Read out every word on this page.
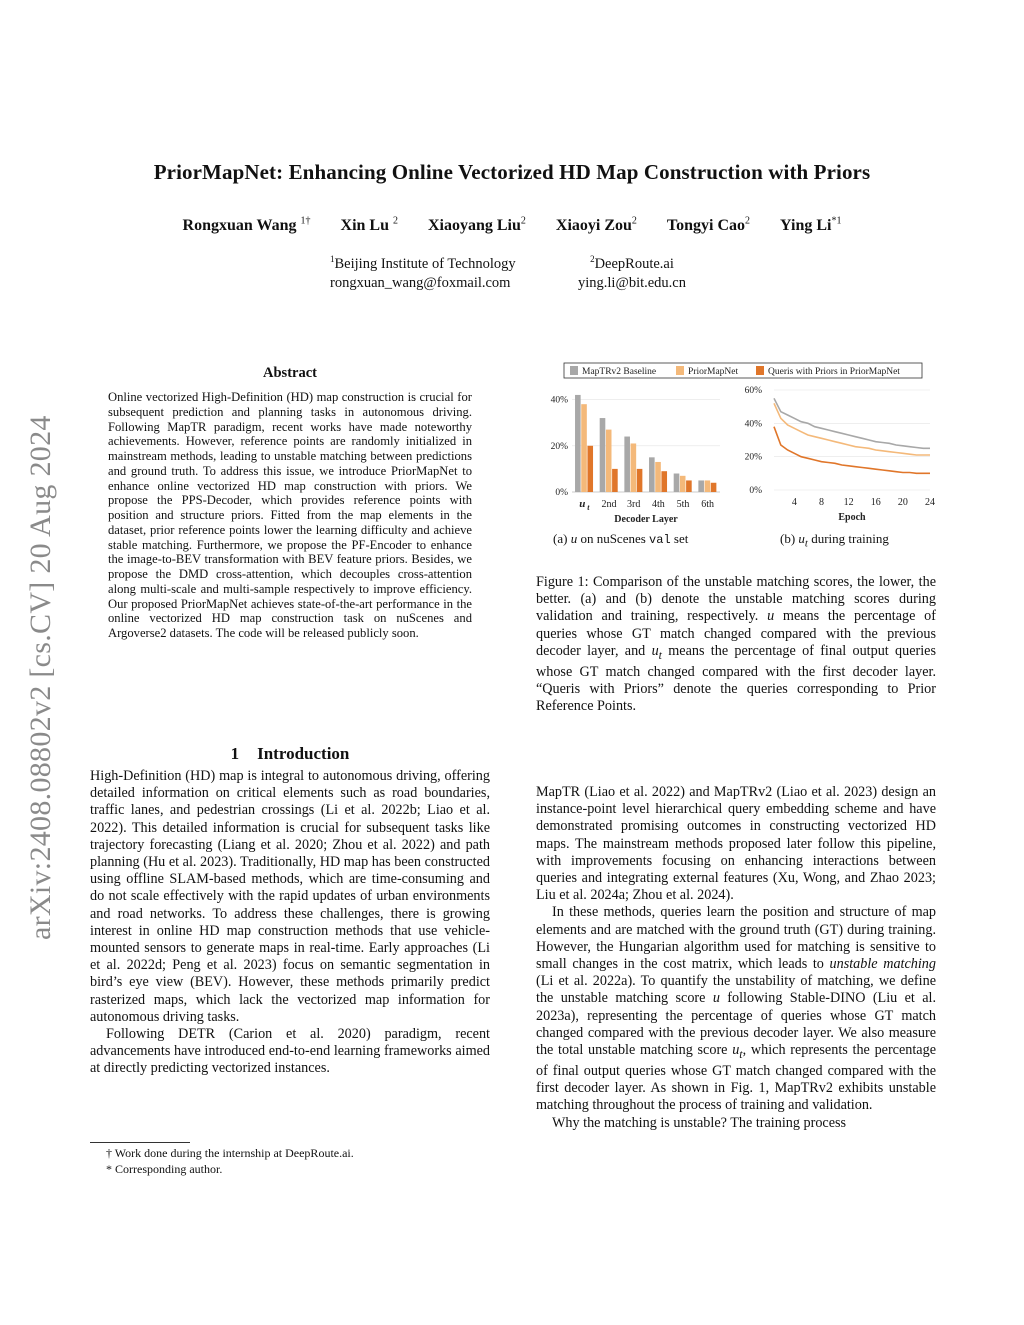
arXiv:2408.08802v2 [cs.CV] 20 Aug 2024
PriorMapNet: Enhancing Online Vectorized HD Map Construction with Priors
Rongxuan Wang $^{1\dagger}$ Xin Lu $^2$ Xiaoyang Liu$^2$ Xiaoyi Zou$^2$ Tongyi Cao$^2$ Ying Li$^{*1}$
$^1$Beijing Institute of Technology
rongxuan_wang@foxmail.com
$^2$DeepRoute.ai
ying.li@bit.edu.cn
Abstract
Online vectorized High-Definition (HD) map construction is crucial for subsequent prediction and planning tasks in autonomous driving. Following MapTR paradigm, recent works have made noteworthy achievements. However, reference points are randomly initialized in mainstream methods, leading to unstable matching between predictions and ground truth. To address this issue, we introduce PriorMapNet to enhance online vectorized HD map construction with priors. We propose the PPS-Decoder, which provides reference points with position and structure priors. Fitted from the map elements in the dataset, prior reference points lower the learning difficulty and achieve stable matching. Furthermore, we propose the PF-Encoder to enhance the image-to-BEV transformation with BEV feature priors. Besides, we propose the DMD cross-attention, which decouples cross-attention along multi-scale and multi-sample respectively to improve efficiency. Our proposed PriorMapNet achieves state-of-the-art performance in the online vectorized HD map construction task on nuScenes and Argoverse2 datasets. The code will be released publicly soon.
1 Introduction

High-Definition (HD) map is integral to autonomous driving, offering detailed information on critical elements such as road boundaries, traffic lanes, and pedestrian crossings (Li et al. 2022b; Liao et al. 2022). This detailed information is crucial for subsequent tasks like trajectory forecasting (Liang et al. 2020; Zhou et al. 2022) and path planning (Hu et al. 2023). Traditionally, HD map has been constructed using offline SLAM-based methods, which are time-consuming and do not scale effectively with the rapid updates of urban environments and road networks. To address these challenges, there is growing interest in online HD map construction methods that use vehicle-mounted sensors to generate maps in real-time. Early approaches (Li et al. 2022d; Peng et al. 2023) focus on semantic segmentation in bird’s eye view (BEV). However, these methods primarily predict rasterized maps, which lack the vectorized map information for autonomous driving tasks.

Following DETR (Carion et al. 2020) paradigm, recent advancements have introduced end-to-end learning frameworks aimed at directly predicting vectorized instances.

† Work done during the internship at DeepRoute.ai.
* Corresponding author.
MapTRv2 Baseline	PriorMapNet	Queris with Priors in PriorMapNet
0%
20%
40%
u t 2nd 3rd 4th 5th 6th
Decoder Layer
0%
20%
40%
60%
4 8 12 16 20 24
Epoch
(a) u on nuScenes val set	(b) $u_t$ during training
Figure 1: Comparison of the unstable matching scores, the lower, the better. (a) and (b) denote the unstable matching scores during validation and training, respectively. u means the percentage of queries whose GT match changed compared with the previous decoder layer, and $u_t$ means the percentage of final output queries whose GT match changed compared with the first decoder layer. “Queris with Priors” denote the queries corresponding to Prior Reference Points.

MapTR (Liao et al. 2022) and MapTRv2 (Liao et al. 2023) design an instance-point level hierarchical query embedding scheme and have demonstrated promising outcomes in constructing vectorized HD maps. The mainstream methods proposed later follow this pipeline, with improvements focusing on enhancing interactions between queries and integrating external features (Xu, Wong, and Zhao 2023; Liu et al. 2024a; Zhou et al. 2024).

In these methods, queries learn the position and structure of map elements and are matched with the ground truth (GT) during training. However, the Hungarian algorithm used for matching is sensitive to small changes in the cost matrix, which leads to unstable matching (Li et al. 2022a). To quantify the unstability of matching, we define the unstable matching score u following Stable-DINO (Liu et al. 2023a), representing the percentage of queries whose GT match changed compared with the previous decoder layer. We also measure the total unstable matching score $u_t$, which represents the percentage of final output queries whose GT match changed compared with the first decoder layer. As shown in Fig. 1, MapTRv2 exhibits unstable matching throughout the process of training and validation.

Why the matching is unstable? The training process
